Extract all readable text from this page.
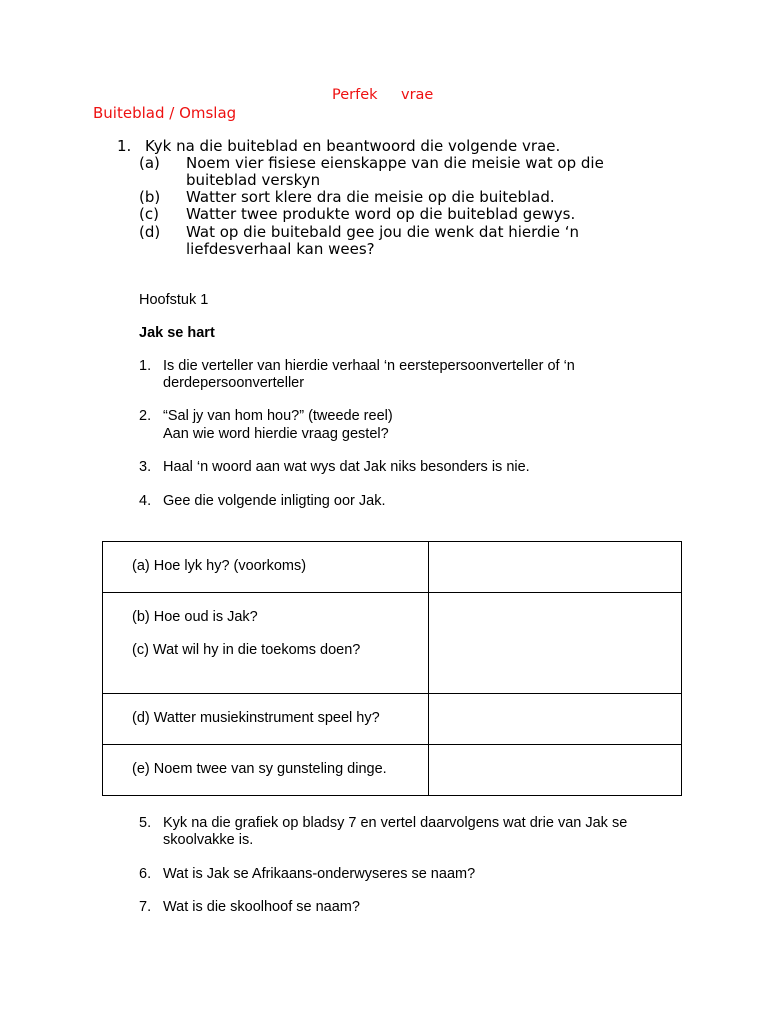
Perfek vrae
Buiteblad / Omslag
1. Kyk na die buiteblad en beantwoord die volgende vrae.
(a) Noem vier fisiese eienskappe van die meisie wat op die
buiteblad verskyn
(b) Watter sort klere dra die meisie op die buiteblad.
(c) Watter twee produkte word op die buiteblad gewys.
(d) Wat op die buitebald gee jou die wenk dat hierdie ‘n
liefdesverhaal kan wees?
Hoofstuk 1
Jak se hart
1. Is die verteller van hierdie verhaal ‘n eerstepersoonverteller of ‘n
derdepersoonverteller
2. “Sal jy van hom hou?” (tweede reel)
Aan wie word hierdie vraag gestel?
3. Haal ‘n woord aan wat wys dat Jak niks besonders is nie.
4. Gee die volgende inligting oor Jak.
(a) Hoe lyk hy? (voorkoms)	

(b) Hoe oud is Jak?
(c) Wat wil hy in die toekoms doen?	

(d) Watter musiekinstrument speel hy?	

(e) Noem twee van sy gunsteling dinge.	

5. Kyk na die grafiek op bladsy 7 en vertel daarvolgens wat drie van Jak se
skoolvakke is.
6. Wat is Jak se Afrikaans-onderwyseres se naam?
7. Wat is die skoolhoof se naam?
